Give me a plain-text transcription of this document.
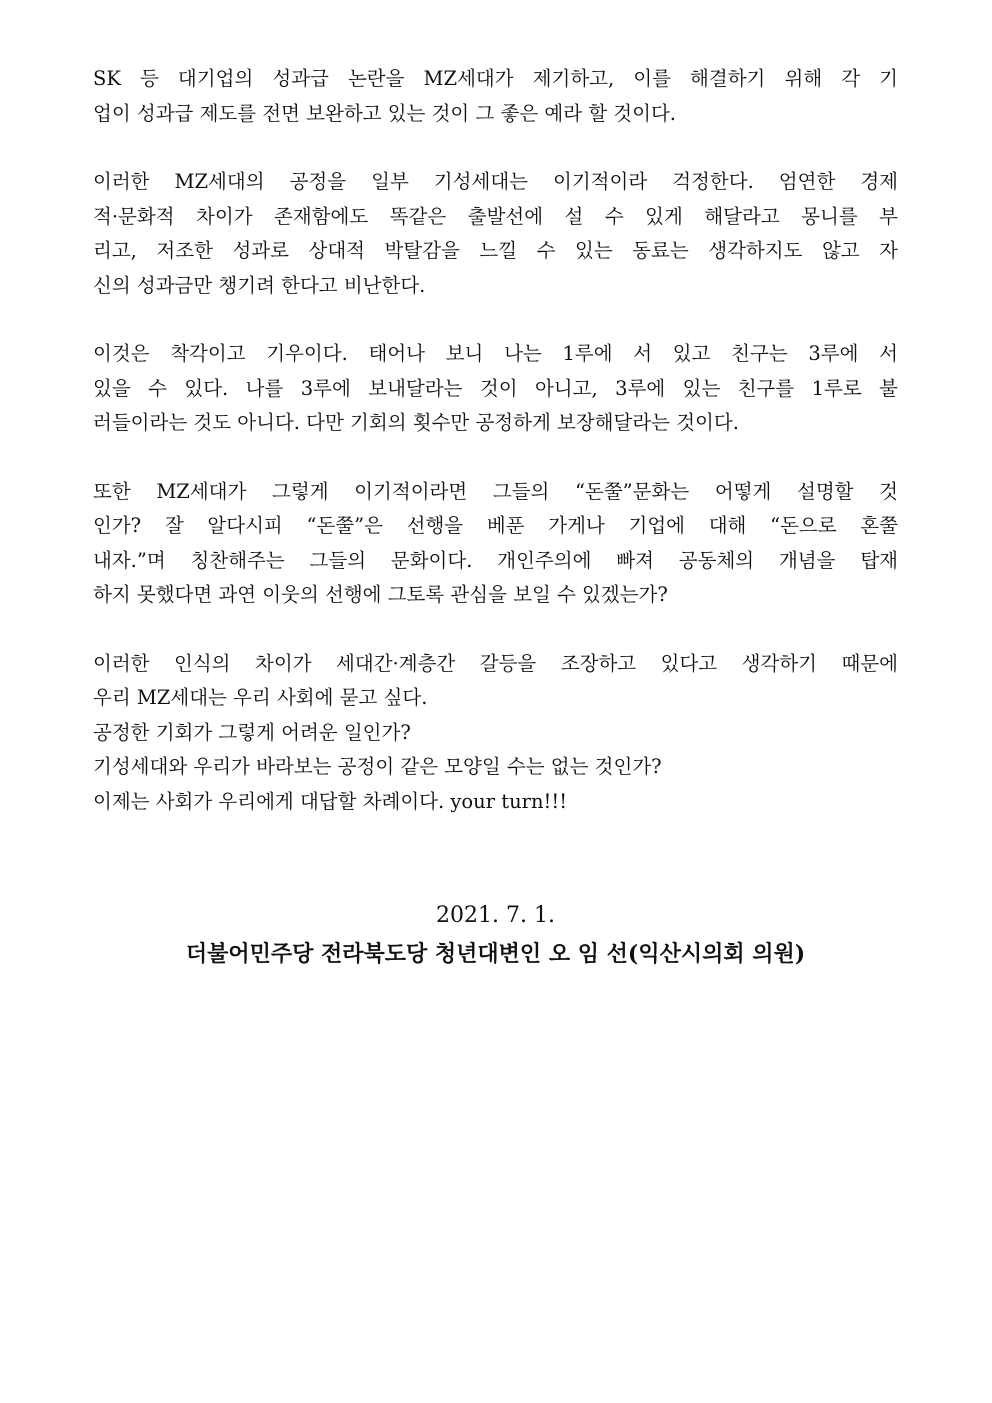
SK 등 대기업의 성과급 논란을 MZ세대가 제기하고, 이를 해결하기 위해 각 기
업이 성과급 제도를 전면 보완하고 있는 것이 그 좋은 예라 할 것이다.
이러한 MZ세대의 공정을 일부 기성세대는 이기적이라 걱정한다. 엄연한 경제
적·문화적 차이가 존재함에도 똑같은 출발선에 설 수 있게 해달라고 몽니를 부
리고, 저조한 성과로 상대적 박탈감을 느낄 수 있는 동료는 생각하지도 않고 자
신의 성과금만 챙기려 한다고 비난한다.
이것은 착각이고 기우이다. 태어나 보니 나는 1루에 서 있고 친구는 3루에 서
있을 수 있다. 나를 3루에 보내달라는 것이 아니고, 3루에 있는 친구를 1루로 불
러들이라는 것도 아니다. 다만 기회의 횟수만 공정하게 보장해달라는 것이다.
또한 MZ세대가 그렇게 이기적이라면 그들의 “돈쭐”문화는 어떻게 설명할 것
인가? 잘 알다시피 “돈쭐”은 선행을 베푼 가게나 기업에 대해 “돈으로 혼쭐
내자.”며 칭찬해주는 그들의 문화이다. 개인주의에 빠져 공동체의 개념을 탑재
하지 못했다면 과연 이웃의 선행에 그토록 관심을 보일 수 있겠는가?
이러한 인식의 차이가 세대간·계층간 갈등을 조장하고 있다고 생각하기 때문에
우리 MZ세대는 우리 사회에 묻고 싶다.
공정한 기회가 그렇게 어려운 일인가?
기성세대와 우리가 바라보는 공정이 같은 모양일 수는 없는 것인가?
이제는 사회가 우리에게 대답할 차례이다. your turn!!!
2021. 7. 1.
더불어민주당 전라북도당 청년대변인 오 임 선(익산시의회 의원)
